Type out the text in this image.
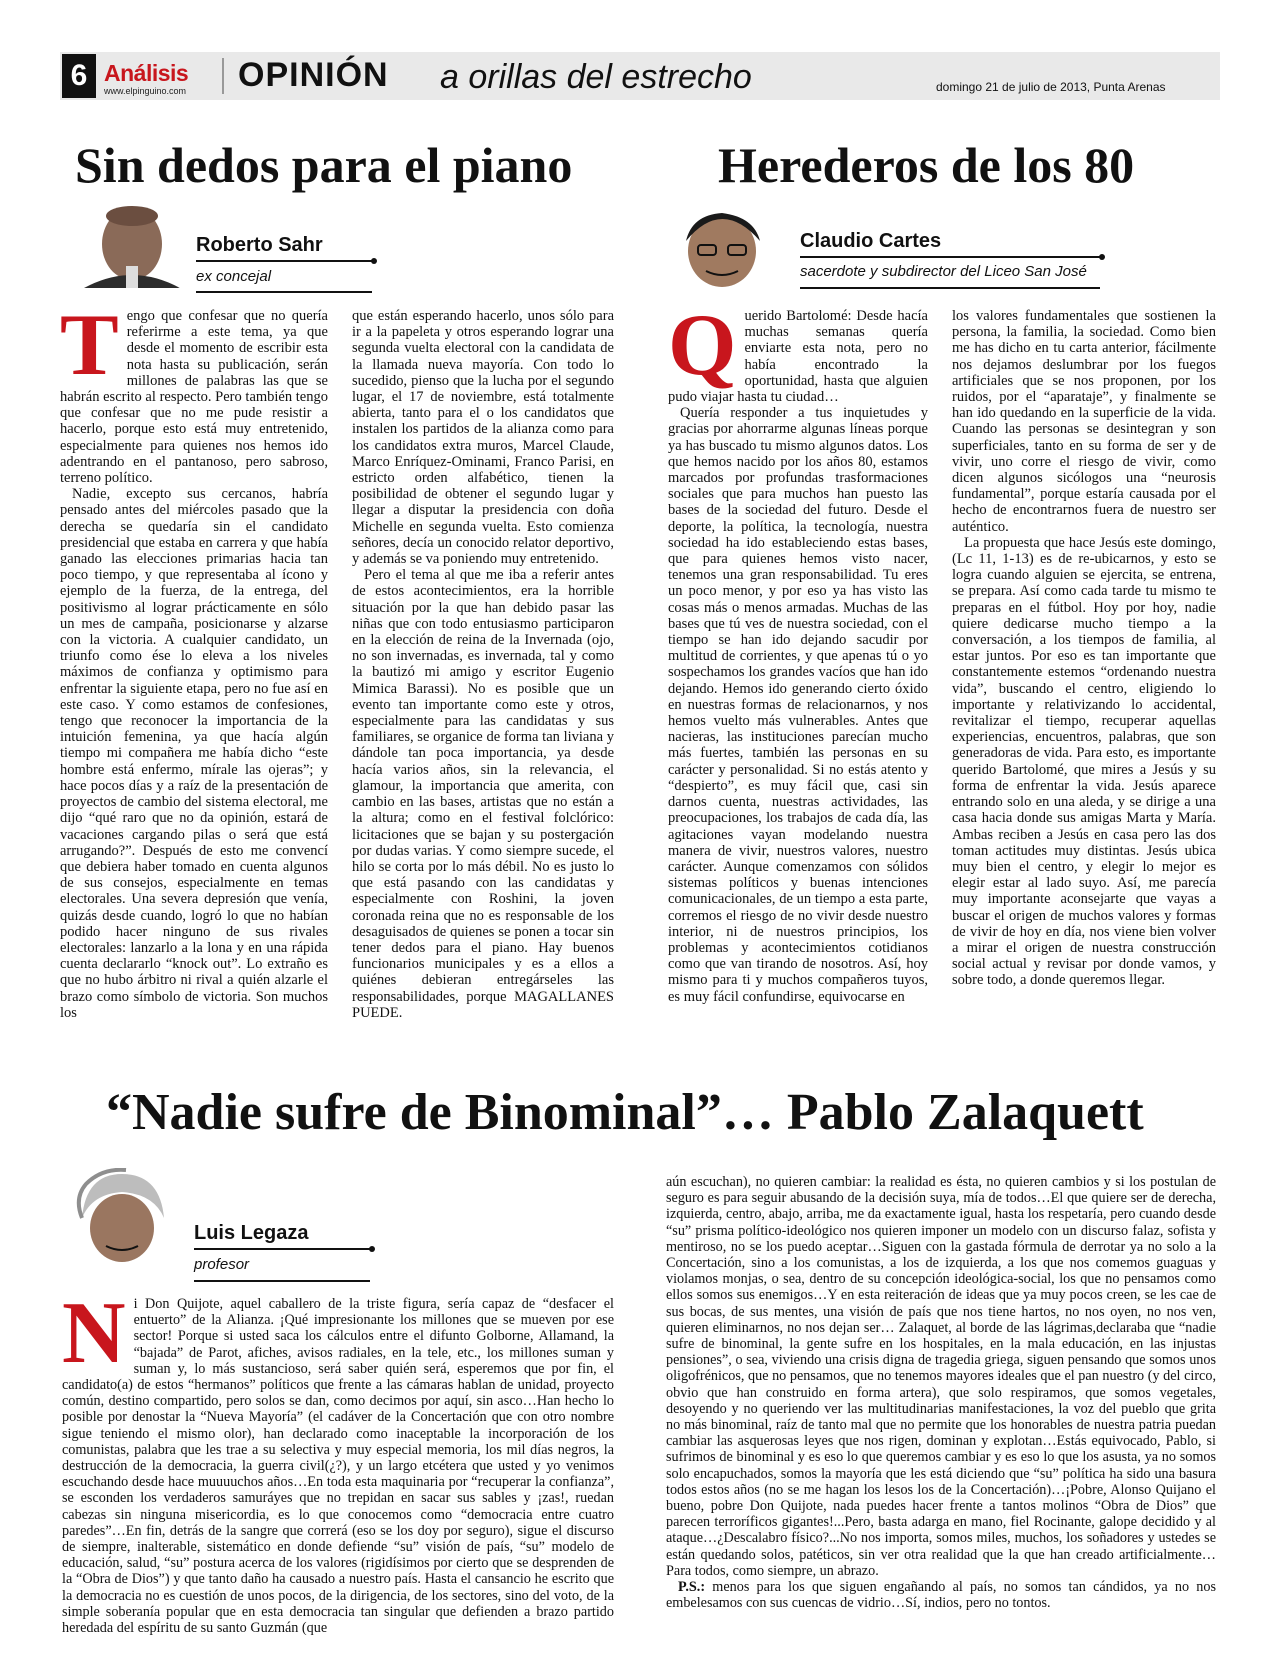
6 Análisis
www.elpinguino.com OPINIÓN a orillas del estrecho	domingo 21 de julio de 2013, Punta Arenas
Sin dedos para el piano
Roberto Sahr
ex concejal

Tengo que confesar que no quería referirme a este tema, ya que desde el momento de escribir esta nota hasta su publicación, serán millones de palabras las que se habrán escrito al respecto. Pero también tengo que confesar que no me pude resistir a hacerlo, porque esto está muy entretenido, especialmente para quienes nos hemos ido adentrando en el pantanoso, pero sabroso, terreno político.

Nadie, excepto sus cercanos, habría pensado antes del miércoles pasado que la derecha se quedaría sin el candidato presidencial que estaba en carrera y que había ganado las elecciones primarias hacia tan poco tiempo, y que representaba al ícono y ejemplo de la fuerza, de la entrega, del positivismo al lograr prácticamente en sólo un mes de campaña, posicionarse y alzarse con la victoria. A cualquier candidato, un triunfo como ése lo eleva a los niveles máximos de confianza y optimismo para enfrentar la siguiente etapa, pero no fue así en este caso. Y como estamos de confesiones, tengo que reconocer la importancia de la intuición femenina, ya que hacía algún tiempo mi compañera me había dicho “este hombre está enfermo, mírale las ojeras”; y hace pocos días y a raíz de la presentación de proyectos de cambio del sistema electoral, me dijo “qué raro que no da opinión, estará de vacaciones cargando pilas o será que está arrugando?”. Después de esto me convencí que debiera haber tomado en cuenta algunos de sus consejos, especialmente en temas electorales. Una severa depresión que venía, quizás desde cuando, logró lo que no habían podido hacer ninguno de sus rivales electorales: lanzarlo a la lona y en una rápida cuenta declararlo “knock out”. Lo extraño es que no hubo árbitro ni rival a quién alzarle el brazo como símbolo de victoria. Son muchos los

que están esperando hacerlo, unos sólo para ir a la papeleta y otros esperando lograr una segunda vuelta electoral con la candidata de la llamada nueva mayoría. Con todo lo sucedido, pienso que la lucha por el segundo lugar, el 17 de noviembre, está totalmente abierta, tanto para el o los candidatos que instalen los partidos de la alianza como para los candidatos extra muros, Marcel Claude, Marco Enríquez-Ominami, Franco Parisi, en estricto orden alfabético, tienen la posibilidad de obtener el segundo lugar y llegar a disputar la presidencia con doña Michelle en segunda vuelta. Esto comienza señores, decía un conocido relator deportivo, y además se va poniendo muy entretenido.

Pero el tema al que me iba a referir antes de estos acontecimientos, era la horrible situación por la que han debido pasar las niñas que con todo entusiasmo participaron en la elección de reina de la Invernada (ojo, no son invernadas, es invernada, tal y como la bautizó mi amigo y escritor Eugenio Mimica Barassi). No es posible que un evento tan importante como este y otros, especialmente para las candidatas y sus familiares, se organice de forma tan liviana y dándole tan poca importancia, ya desde hacía varios años, sin la relevancia, el glamour, la importancia que amerita, con cambio en las bases, artistas que no están a la altura; como en el festival folclórico: licitaciones que se bajan y su postergación por dudas varias. Y como siempre sucede, el hilo se corta por lo más débil. No es justo lo que está pasando con las candidatas y especialmente con Roshini, la joven coronada reina que no es responsable de los desaguisados de quienes se ponen a tocar sin tener dedos para el piano. Hay buenos funcionarios municipales y es a ellos a quiénes debieran entregárseles las responsabilidades, porque MAGALLANES PUEDE.

Herederos de los 80
Claudio Cartes
sacerdote y subdirector del Liceo San José

Querido Bartolomé: Desde hacía muchas semanas quería enviarte esta nota, pero no había encontrado la oportunidad, hasta que alguien pudo viajar hasta tu ciudad…

Quería responder a tus inquietudes y gracias por ahorrarme algunas líneas porque ya has buscado tu mismo algunos datos. Los que hemos nacido por los años 80, estamos marcados por profundas trasformaciones sociales que para muchos han puesto las bases de la sociedad del futuro. Desde el deporte, la política, la tecnología, nuestra sociedad ha ido estableciendo estas bases, que para quienes hemos visto nacer, tenemos una gran responsabilidad. Tu eres un poco menor, y por eso ya has visto las cosas más o menos armadas. Muchas de las bases que tú ves de nuestra sociedad, con el tiempo se han ido dejando sacudir por multitud de corrientes, y que apenas tú o yo sospechamos los grandes vacíos que han ido dejando. Hemos ido generando cierto óxido en nuestras formas de relacionarnos, y nos hemos vuelto más vulnerables. Antes que nacieras, las instituciones parecían mucho más fuertes, también las personas en su carácter y personalidad. Si no estás atento y “despierto”, es muy fácil que, casi sin darnos cuenta, nuestras actividades, las preocupaciones, los trabajos de cada día, las agitaciones vayan modelando nuestra manera de vivir, nuestros valores, nuestro carácter. Aunque comenzamos con sólidos sistemas políticos y buenas intenciones comunicacionales, de un tiempo a esta parte, corremos el riesgo de no vivir desde nuestro interior, ni de nuestros principios, los problemas y acontecimientos cotidianos como que van tirando de nosotros. Así, hoy mismo para ti y muchos compañeros tuyos, es muy fácil confundirse, equivocarse en

los valores fundamentales que sostienen la persona, la familia, la sociedad. Como bien me has dicho en tu carta anterior, fácilmente nos dejamos deslumbrar por los fuegos artificiales que se nos proponen, por los ruidos, por el “aparataje”, y finalmente se han ido quedando en la superficie de la vida. Cuando las personas se desintegran y son superficiales, tanto en su forma de ser y de vivir, uno corre el riesgo de vivir, como dicen algunos sicólogos una “neurosis fundamental”, porque estaría causada por el hecho de encontrarnos fuera de nuestro ser auténtico.

La propuesta que hace Jesús este domingo, (Lc 11, 1-13) es de re-ubicarnos, y esto se logra cuando alguien se ejercita, se entrena, se prepara. Así como cada tarde tu mismo te preparas en el fútbol. Hoy por hoy, nadie quiere dedicarse mucho tiempo a la conversación, a los tiempos de familia, al estar juntos. Por eso es tan importante que constantemente estemos “ordenando nuestra vida”, buscando el centro, eligiendo lo importante y relativizando lo accidental, revitalizar el tiempo, recuperar aquellas experiencias, encuentros, palabras, que son generadoras de vida. Para esto, es importante querido Bartolomé, que mires a Jesús y su forma de enfrentar la vida. Jesús aparece entrando solo en una aleda, y se dirige a una casa hacia donde sus amigas Marta y María. Ambas reciben a Jesús en casa pero las dos toman actitudes muy distintas. Jesús ubica muy bien el centro, y elegir lo mejor es elegir estar al lado suyo. Así, me parecía muy importante aconsejarte que vayas a buscar el origen de muchos valores y formas de vivir de hoy en día, nos viene bien volver a mirar el origen de nuestra construcción social actual y revisar por donde vamos, y sobre todo, a donde queremos llegar.

“Nadie sufre de Binominal”… Pablo Zalaquett
Luis Legaza
profesor

Ni Don Quijote, aquel caballero de la triste figura, sería capaz de “desfacer el entuerto” de la Alianza. ¡Qué impresionante los millones que se mueven por ese sector! Porque si usted saca los cálculos entre el difunto Golborne, Allamand, la “bajada” de Parot, afiches, avisos radiales, en la tele, etc., los millones suman y suman y, lo más sustancioso, será saber quién será, esperemos que por fin, el candidato(a) de estos “hermanos” políticos que frente a las cámaras hablan de unidad, proyecto común, destino compartido, pero solos se dan, como decimos por aquí, sin asco…Han hecho lo posible por denostar la “Nueva Mayoría” (el cadáver de la Concertación que con otro nombre sigue teniendo el mismo olor), han declarado como inaceptable la incorporación de los comunistas, palabra que les trae a su selectiva y muy especial memoria, los mil días negros, la destrucción de la democracia, la guerra civil(¿?), y un largo etcétera que usted y yo venimos escuchando desde hace muuuuchos años…En toda esta maquinaria por “recuperar la confianza”, se esconden los verdaderos samuráyes que no trepidan en sacar sus sables y ¡zas!, ruedan cabezas sin ninguna misericordia, es lo que conocemos como “democracia entre cuatro paredes”…En fin, detrás de la sangre que correrá (eso se los doy por seguro), sigue el discurso de siempre, inalterable, sistemático en donde defiende “su” visión de país, “su” modelo de educación, salud, “su” postura acerca de los valores (rigidísimos por cierto que se desprenden de la “Obra de Dios”) y que tanto daño ha causado a nuestro país. Hasta el cansancio he escrito que la democracia no es cuestión de unos pocos, de la dirigencia, de los sectores, sino del voto, de la simple soberanía popular que en esta democracia tan singular que defienden a brazo partido heredada del espíritu de su santo Guzmán (que

aún escuchan), no quieren cambiar: la realidad es ésta, no quieren cambios y si los postulan de seguro es para seguir abusando de la decisión suya, mía de todos…El que quiere ser de derecha, izquierda, centro, abajo, arriba, me da exactamente igual, hasta los respetaría, pero cuando desde “su” prisma político-ideológico nos quieren imponer un modelo con un discurso falaz, sofista y mentiroso, no se los puedo aceptar…Siguen con la gastada fórmula de derrotar ya no solo a la Concertación, sino a los comunistas, a los de izquierda, a los que nos comemos guaguas y violamos monjas, o sea, dentro de su concepción ideológica-social, los que no pensamos como ellos somos sus enemigos…Y en esta reiteración de ideas que ya muy pocos creen, se les cae de sus bocas, de sus mentes, una visión de país que nos tiene hartos, no nos oyen, no nos ven, quieren eliminarnos, no nos dejan ser… Zalaquet, al borde de las lágrimas,declaraba que “nadie sufre de binominal, la gente sufre en los hospitales, en la mala educación, en las injustas pensiones”, o sea, viviendo una crisis digna de tragedia griega, siguen pensando que somos unos oligofrénicos, que no pensamos, que no tenemos mayores ideales que el pan nuestro (y del circo, obvio que han construido en forma artera), que solo respiramos, que somos vegetales, desoyendo y no queriendo ver las multitudinarias manifestaciones, la voz del pueblo que grita no más binominal, raíz de tanto mal que no permite que los honorables de nuestra patria puedan cambiar las asquerosas leyes que nos rigen, dominan y explotan…Estás equivocado, Pablo, si sufrimos de binominal y es eso lo que queremos cambiar y es eso lo que los asusta, ya no somos solo encapuchados, somos la mayoría que les está diciendo que “su” política ha sido una basura todos estos años (no se me hagan los lesos los de la Concertación)…¡Pobre, Alonso Quijano el bueno, pobre Don Quijote, nada puedes hacer frente a tantos molinos “Obra de Dios” que parecen terroríficos gigantes!...Pero, basta adarga en mano, fiel Rocinante, galope decidido y al ataque…¿Descalabro físico?...No nos importa, somos miles, muchos, los soñadores y ustedes se están quedando solos, patéticos, sin ver otra realidad que la que han creado artificialmente…Para todos, como siempre, un abrazo.

P.S.: menos para los que siguen engañando al país, no somos tan cándidos, ya no nos embelesamos con sus cuencas de vidrio…Sí, indios, pero no tontos.
